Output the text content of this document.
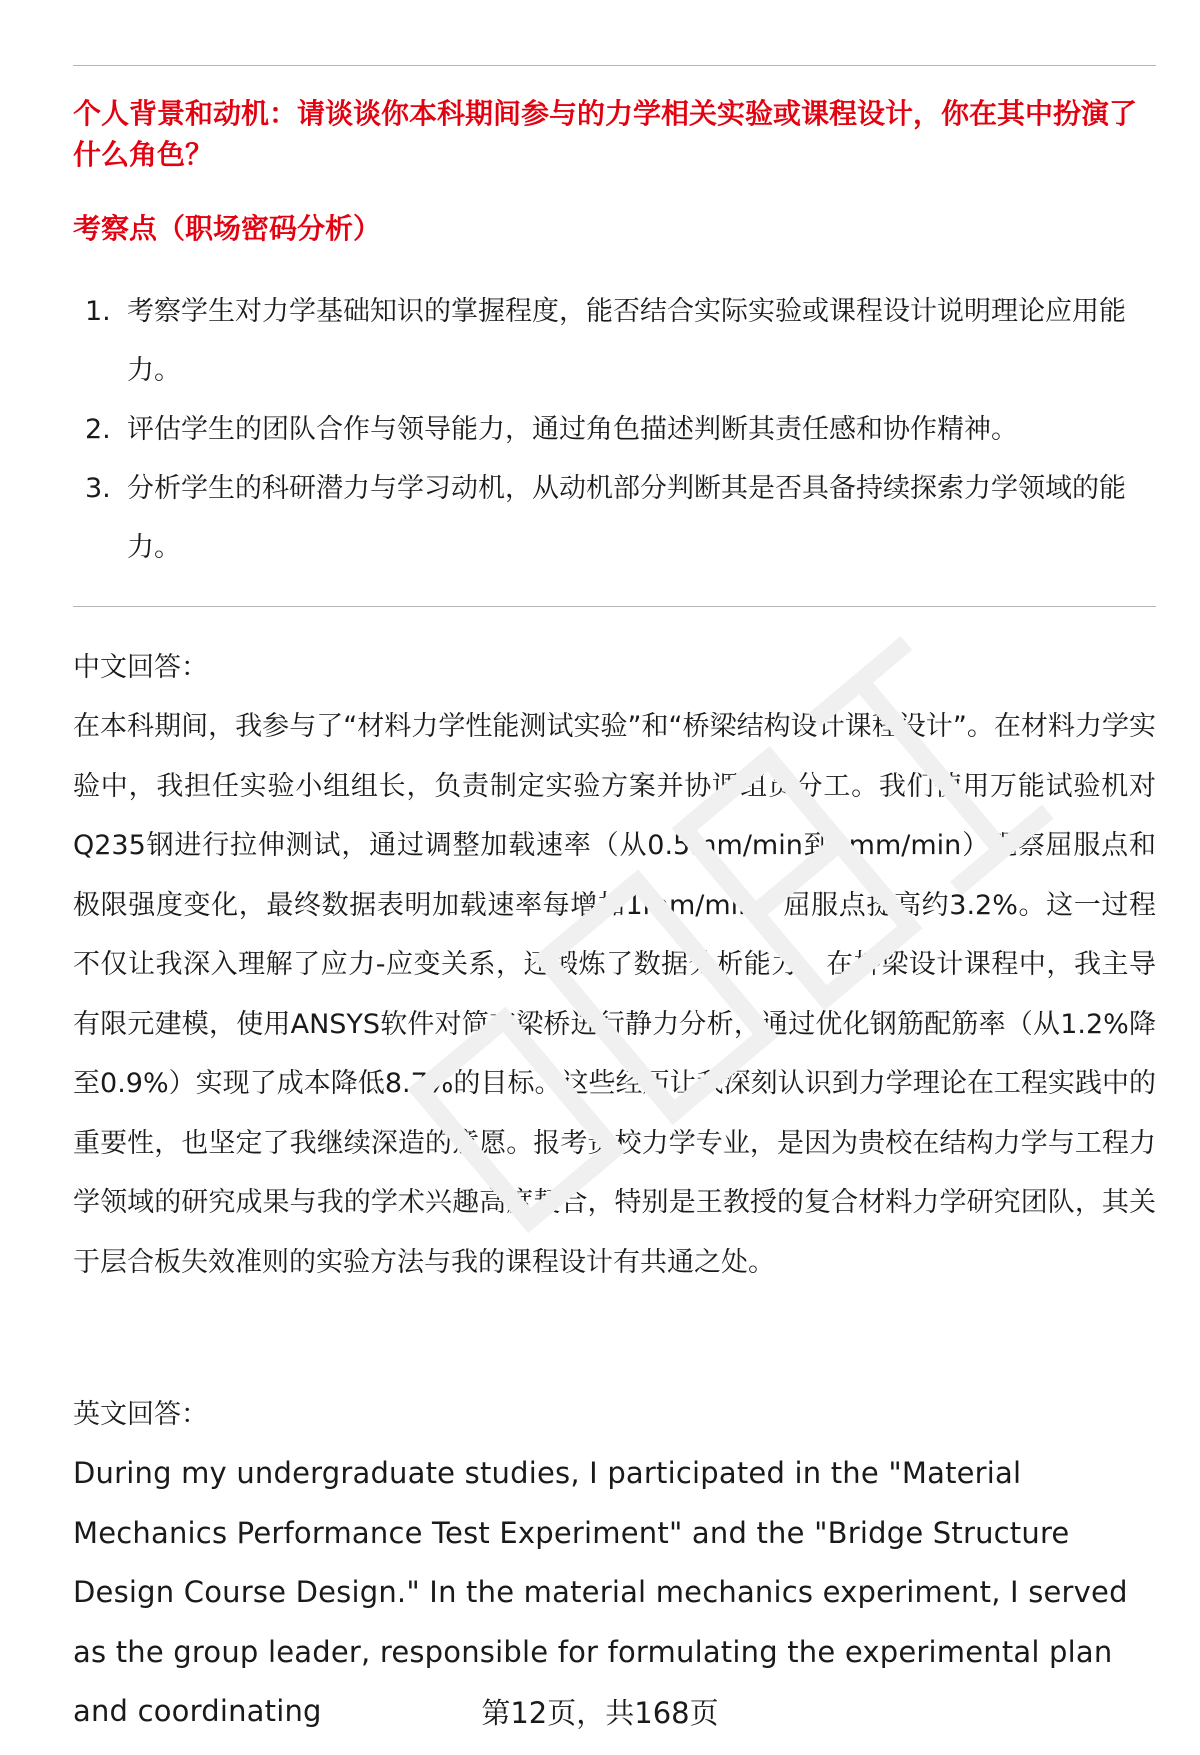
个人背景和动机：请谈谈你本科期间参与的力学相关实验或课程设计，你在其中扮演了什么角色？
考察点（职场密码分析）
1. 考察学生对力学基础知识的掌握程度，能否结合实际实验或课程设计说明理论应用能力。
2. 评估学生的团队合作与领导能力，通过角色描述判断其责任感和协作精神。
3. 分析学生的科研潜力与学习动机，从动机部分判断其是否具备持续探索力学领域的能力。

中文回答：

在本科期间，我参与了“材料力学性能测试实验”和“桥梁结构设计课程设计”。在材料力学实验中，我担任实验小组组长，负责制定实验方案并协调组员分工。我们使用万能试验机对Q235钢进行拉伸测试，通过调整加载速率（从0.5mm/min到2mm/min）观察屈服点和极限强度变化，最终数据表明加载速率每增加1mm/min，屈服点提高约3.2%。这一过程不仅让我深入理解了应力-应变关系，还锻炼了数据分析能力。在桥梁设计课程中，我主导有限元建模，使用ANSYS软件对简支梁桥进行静力分析，通过优化钢筋配筋率（从1.2%降至0.9%）实现了成本降低8.7%的目标。这些经历让我深刻认识到力学理论在工程实践中的重要性，也坚定了我继续深造的意愿。报考贵校力学专业，是因为贵校在结构力学与工程力学领域的研究成果与我的学术兴趣高度契合，特别是王教授的复合材料力学研究团队，其关于层合板失效准则的实验方法与我的课程设计有共通之处。

英文回答：

During my undergraduate studies, I participated in the "Material Mechanics Performance Test Experiment" and the "Bridge Structure Design Course Design." In the material mechanics experiment, I served as the group leader, responsible for formulating the experimental plan and coordinating	第12页，共168页
